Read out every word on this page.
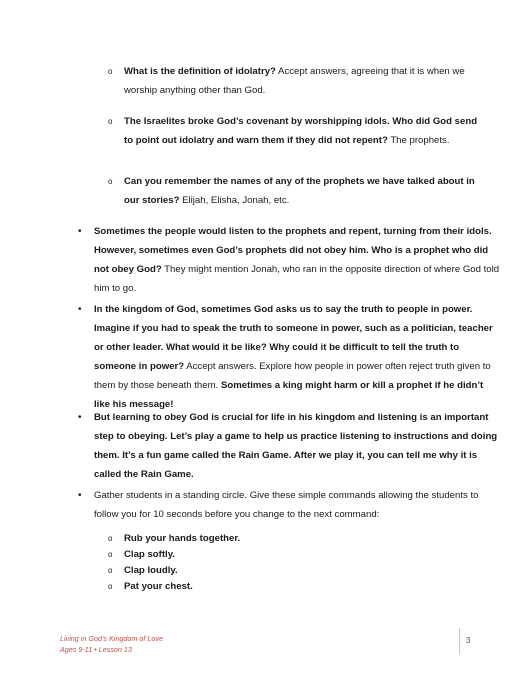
o	What is the definition of idolatry? Accept answers, agreeing that it is when we worship anything other than God.
o	The Israelites broke God’s covenant by worshipping idols. Who did God send to point out idolatry and warn them if they did not repent? The prophets.
o	Can you remember the names of any of the prophets we have talked about in our stories? Elijah, Elisha, Jonah, etc.
•	Sometimes the people would listen to the prophets and repent, turning from their idols. However, sometimes even God’s prophets did not obey him. Who is a prophet who did not obey God? They might mention Jonah, who ran in the opposite direction of where God told him to go.
•	In the kingdom of God, sometimes God asks us to say the truth to people in power. Imagine if you had to speak the truth to someone in power, such as a politician, teacher or other leader. What would it be like? Why could it be difficult to tell the truth to someone in power? Accept answers. Explore how people in power often reject truth given to them by those beneath them. Sometimes a king might harm or kill a prophet if he didn’t like his message!
•	But learning to obey God is crucial for life in his kingdom and listening is an important step to obeying. Let’s play a game to help us practice listening to instructions and doing them. It’s a fun game called the Rain Game. After we play it, you can tell me why it is called the Rain Game.
•	Gather students in a standing circle. Give these simple commands allowing the students to follow you for 10 seconds before you change to the next command:
o	Rub your hands together.
o	Clap softly.
o	Clap loudly.
o	Pat your chest.
Living in God’s Kingdom of Love
Ages 9-11 • Lesson 13
3
